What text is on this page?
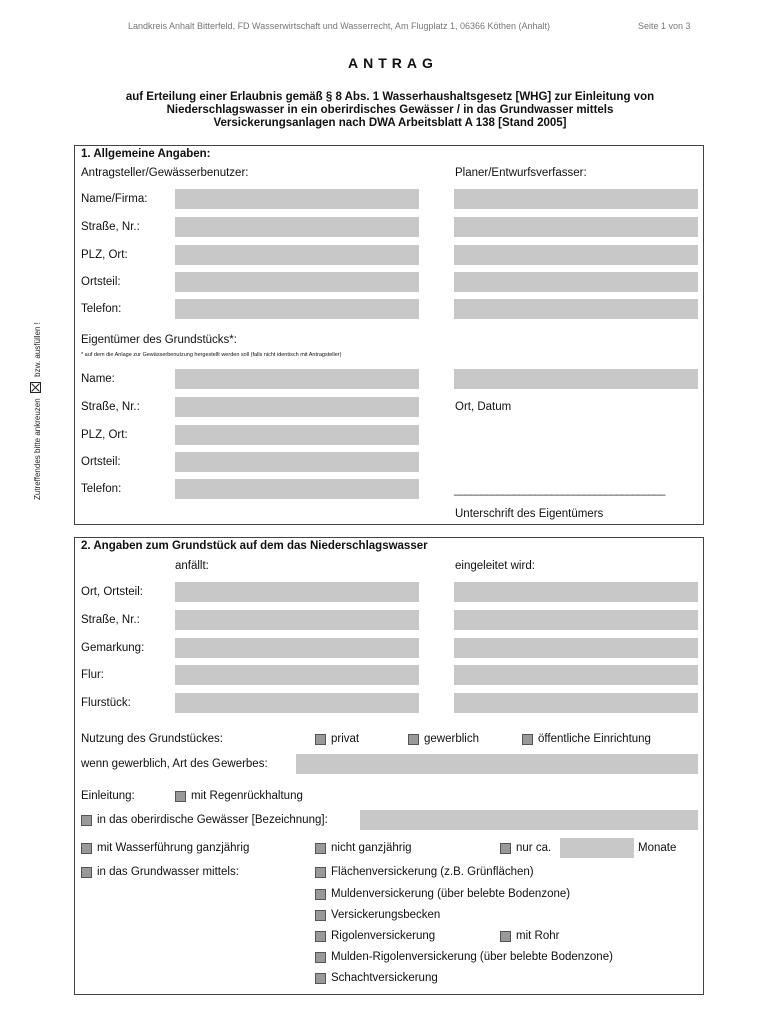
Landkreis Anhalt Bitterfeld, FD Wasserwirtschaft und Wasserrecht, Am Flugplatz 1, 06366 Köthen (Anhalt)	Seite 1 von 3
ANTRAG
auf Erteilung einer Erlaubnis gemäß § 8 Abs. 1 Wasserhaushaltsgesetz [WHG] zur Einleitung von
Niederschlagswasser in ein oberirdisches Gewässer / in das Grundwasser mittels
Versickerungsanlagen nach DWA Arbeitsblatt A 138 [Stand 2005]
Zutreffendes bitte ankreuzen  bzw. ausfüllen !
1. Allgemeine Angaben:
Antragsteller/Gewässerbenutzer:	Planer/Entwurfsverfasser:
Name/Firma:
Straße, Nr.:
PLZ, Ort:
Ortsteil:
Telefon:
Eigentümer des Grundstücks*:
* auf dem die Anlage zur Gewässerbenutzung hergestellt werden soll (falls nicht identisch mit Antragsteller)
Name:
Straße, Nr.:	Ort, Datum
PLZ, Ort:
Ortsteil:
Telefon:	_______________________________________
Unterschrift des Eigentümers
2. Angaben zum Grundstück auf dem das Niederschlagswasser
anfällt:	eingeleitet wird:
Ort, Ortsteil:
Straße, Nr.:
Gemarkung:
Flur:
Flurstück:
Nutzung des Grundstückes:	privat	gewerblich	öffentliche Einrichtung
wenn gewerblich, Art des Gewerbes:
Einleitung:	mit Regenrückhaltung
in das oberirdische Gewässer [Bezeichnung]:
mit Wasserführung ganzjährig	nicht ganzjährig	nur ca.	Monate
in das Grundwasser mittels:	Flächenversickerung (z.B. Grünflächen)
Muldenversickerung (über belebte Bodenzone)
Versickerungsbecken
Rigolenversickerung	mit Rohr
Mulden-Rigolenversickerung (über belebte Bodenzone)
Schachtversickerung
